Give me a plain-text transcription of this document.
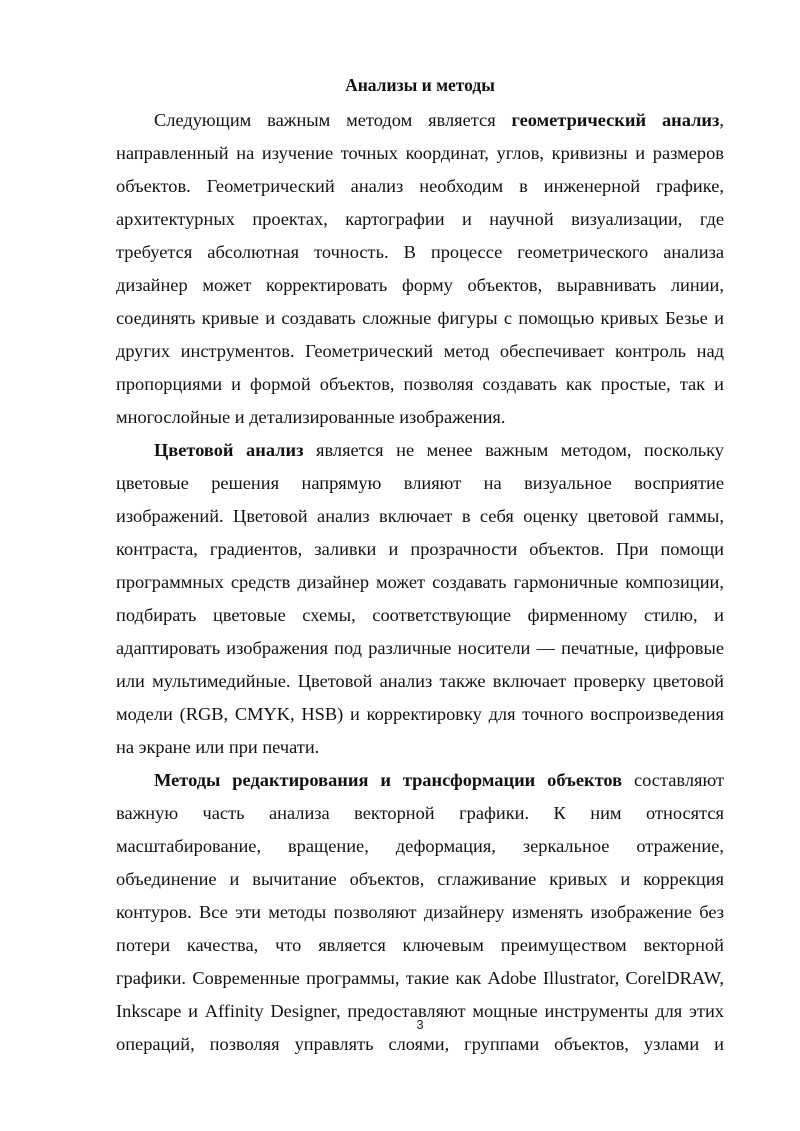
Анализы и методы
Следующим важным методом является геометрический анализ,
направленный на изучение точных координат, углов, кривизны и размеров
объектов. Геометрический анализ необходим в инженерной графике,
архитектурных проектах, картографии и научной визуализации, где
требуется абсолютная точность. В процессе геометрического анализа
дизайнер может корректировать форму объектов, выравнивать линии,
соединять кривые и создавать сложные фигуры с помощью кривых Безье и
других инструментов. Геометрический метод обеспечивает контроль над
пропорциями и формой объектов, позволяя создавать как простые, так и
многослойные и детализированные изображения.
Цветовой анализ является не менее важным методом, поскольку
цветовые решения напрямую влияют на визуальное восприятие
изображений. Цветовой анализ включает в себя оценку цветовой гаммы,
контраста, градиентов, заливки и прозрачности объектов. При помощи
программных средств дизайнер может создавать гармоничные композиции,
подбирать цветовые схемы, соответствующие фирменному стилю, и
адаптировать изображения под различные носители — печатные, цифровые
или мультимедийные. Цветовой анализ также включает проверку цветовой
модели (RGB, CMYK, HSB) и корректировку для точного воспроизведения
на экране или при печати.
Методы редактирования и трансформации объектов составляют
важную часть анализа векторной графики. К ним относятся
масштабирование, вращение, деформация, зеркальное отражение,
объединение и вычитание объектов, сглаживание кривых и коррекция
контуров. Все эти методы позволяют дизайнеру изменять изображение без
потери качества, что является ключевым преимуществом векторной
графики. Современные программы, такие как Adobe Illustrator, CorelDRAW,
Inkscape и Affinity Designer, предоставляют мощные инструменты для этих
операций, позволяя управлять слоями, группами объектов, узлами и
3
